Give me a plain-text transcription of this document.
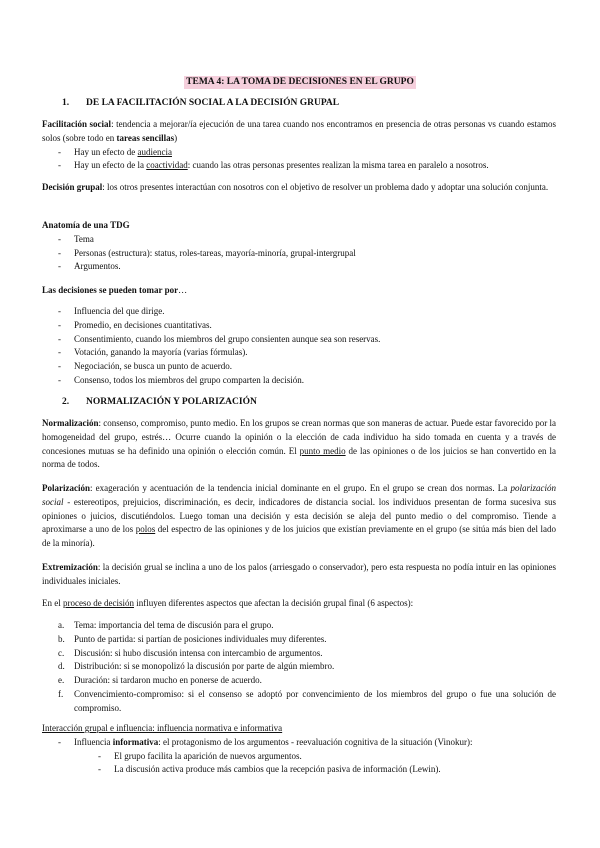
TEMA 4: LA TOMA DE DECISIONES EN EL GRUPO
1. DE LA FACILITACIÓN SOCIAL A LA DECISIÓN GRUPAL
Facilitación social: tendencia a mejorar/ía ejecución de una tarea cuando nos encontramos en presencia de otras personas vs cuando estamos solos (sobre todo en tareas sencillas)
- Hay un efecto de audiencia
- Hay un efecto de la coactividad: cuando las otras personas presentes realizan la misma tarea en paralelo a nosotros.
Decisión grupal: los otros presentes interactúan con nosotros con el objetivo de resolver un problema dado y adoptar una solución conjunta.
Anatomía de una TDG
- Tema
- Personas (estructura): status, roles-tareas, mayoría-minoría, grupal-intergrupal
- Argumentos.
Las decisiones se pueden tomar por…
- Influencia del que dirige.
- Promedio, en decisiones cuantitativas.
- Consentimiento, cuando los miembros del grupo consienten aunque sea son reservas.
- Votación, ganando la mayoría (varias fórmulas).
- Negociación, se busca un punto de acuerdo.
- Consenso, todos los miembros del grupo comparten la decisión.
2. NORMALIZACIÓN Y POLARIZACIÓN
Normalización: consenso, compromiso, punto medio. En los grupos se crean normas que son maneras de actuar. Puede estar favorecido por la homogeneidad del grupo, estrés… Ocurre cuando la opinión o la elección de cada individuo ha sido tomada en cuenta y a través de concesiones mutuas se ha definido una opinión o elección común. El punto medio de las opiniones o de los juicios se han convertido en la norma de todos.
Polarización: exageración y acentuación de la tendencia inicial dominante en el grupo. En el grupo se crean dos normas. La polarización social - estereotipos, prejuicios, discriminación, es decir, indicadores de distancia social. los individuos presentan de forma sucesiva sus opiniones o juicios, discutiéndolos. Luego toman una decisión y esta decisión se aleja del punto medio o del compromiso. Tiende a aproximarse a uno de los polos del espectro de las opiniones y de los juicios que existían previamente en el grupo (se sitúa más bien del lado de la minoría).
Extremización: la decisión grual se inclina a uno de los palos (arriesgado o conservador), pero esta respuesta no podía intuir en las opiniones individuales iniciales.
En el proceso de decisión influyen diferentes aspectos que afectan la decisión grupal final (6 aspectos):
a. Tema: importancia del tema de discusión para el grupo.
b. Punto de partida: si partían de posiciones individuales muy diferentes.
c. Discusión: si hubo discusión intensa con intercambio de argumentos.
d. Distribución: si se monopolizó la discusión por parte de algún miembro.
e. Duración: si tardaron mucho en ponerse de acuerdo.
f. Convencimiento-compromiso: si el consenso se adoptó por convencimiento de los miembros del grupo o fue una solución de compromiso.
Interacción grupal e influencia: influencia normativa e informativa
- Influencia informativa: el protagonismo de los argumentos - reevaluación cognitiva de la situación (Vinokur):
- El grupo facilita la aparición de nuevos argumentos.
- La discusión activa produce más cambios que la recepción pasiva de información (Lewin).
